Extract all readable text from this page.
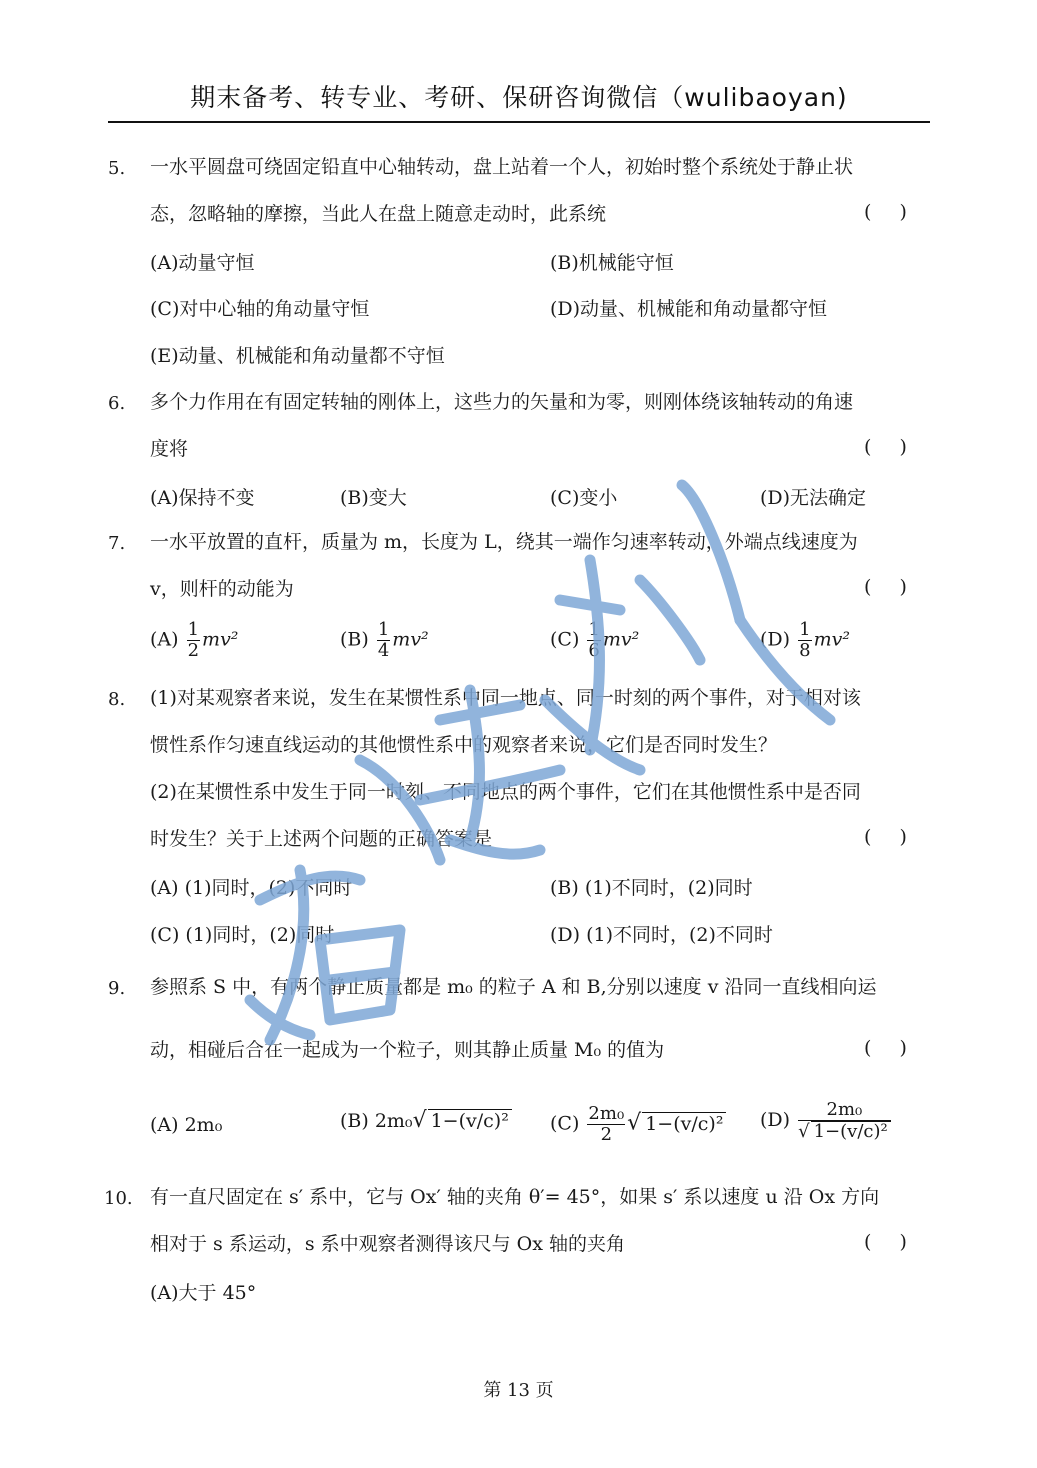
期末备考、转专业、考研、保研咨询微信（wulibaoyan)
5. 一水平圆盘可绕固定铅直中心轴转动，盘上站着一个人，初始时整个系统处于静止状
态，忽略轴的摩擦，当此人在盘上随意走动时，此系统	( )
(A)动量守恒	(B)机械能守恒
(C)对中心轴的角动量守恒	(D)动量、机械能和角动量都守恒
(E)动量、机械能和角动量都不守恒
6. 多个力作用在有固定转轴的刚体上，这些力的矢量和为零，则刚体绕该轴转动的角速
度将	( )
(A)保持不变	(B)变大	(C)变小	(D)无法确定
7. 一水平放置的直杆，质量为 m，长度为 L，绕其一端作匀速率转动，外端点线速度为
v，则杆的动能为	( )
$(A) \frac{1}{2} mv^2$	$(B) \frac{1}{4} mv^2$	$(C) \frac{1}{6} mv^2$	$(D) \frac{1}{8} mv^2$
8. (1)对某观察者来说，发生在某惯性系中同一地点、同一时刻的两个事件，对于相对该
惯性系作匀速直线运动的其他惯性系中的观察者来说，它们是否同时发生？
(2)在某惯性系中发生于同一时刻、不同地点的两个事件，它们在其他惯性系中是否同
时发生？关于上述两个问题的正确答案是	( )
(A) (1)同时，(2)不同时	(B) (1)不同时，(2)同时
(C) (1)同时，(2)同时	(D) (1)不同时，(2)不同时
9. 参照系 S 中，有两个静止质量都是 m₀ 的粒子 A 和 B,分别以速度 v 沿同一直线相向运
动，相碰后合在一起成为一个粒子，则其静止质量 M₀ 的值为	( )
(A) 2m₀	(B) 2m₀√ 1−(v/c)² $(C) \frac{\text{2m₀}}{2}$ √ 1−(v/c)² $(D) \frac{\text{2m₀}}{\text{√ 1−(v/c)²}}$
10. 有一直尺固定在 s′ 系中，它与 Ox′ 轴的夹角 θ′= 45°，如果 s′ 系以速度 u 沿 Ox 方向
相对于 s 系运动，s 系中观察者测得该尺与 Ox 轴的夹角	( )
(A)大于 45°
第 13 页
